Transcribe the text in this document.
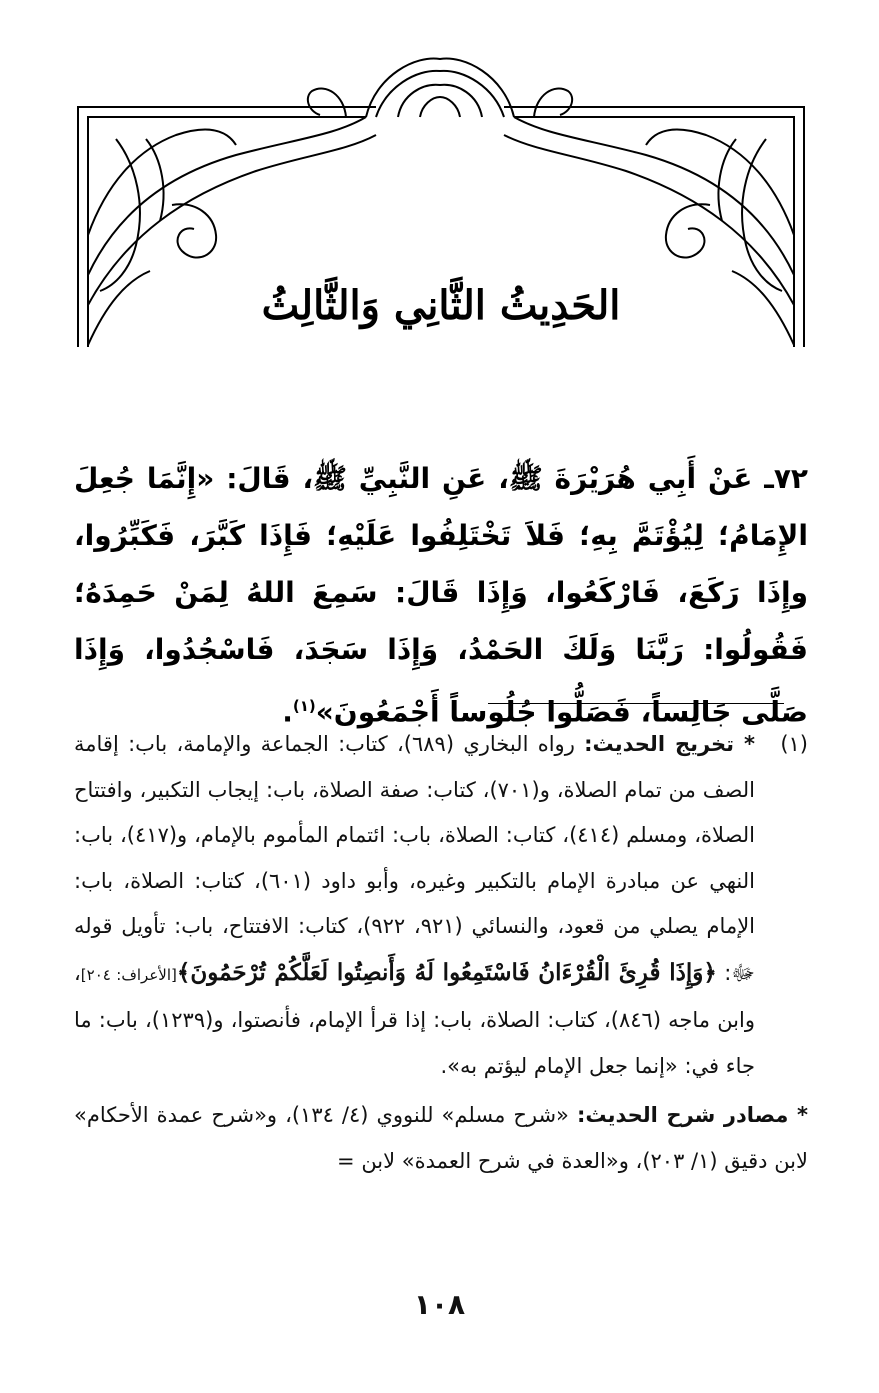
الحَدِيثُ الثَّانِي وَالثَّالِثُ
٧٢ـ عَنْ أَبِي هُرَيْرَةَ ﷺ، عَنِ النَّبِيِّ ﷺ، قَالَ: «إِنَّمَا جُعِلَ الإِمَامُ؛ لِيُؤْتَمَّ بِهِ؛ فَلاَ تَخْتَلِفُوا عَلَيْهِ؛ فَإِذَا كَبَّرَ، فَكَبِّرُوا، وإِذَا رَكَعَ، فَارْكَعُوا، وَإِذَا قَالَ: سَمِعَ اللهُ لِمَنْ حَمِدَهُ؛ فَقُولُوا: رَبَّنَا وَلَكَ الحَمْدُ، وَإِذَا سَجَدَ، فَاسْجُدُوا، وَإِذَا صَلَّى جَالِساً، فَصَلُّوا جُلُوساً أَجْمَعُونَ»$^{(١)}$.
(١)
* تخريج الحديث: رواه البخاري (٦٨٩)، كتاب: الجماعة والإمامة، باب: إقامة الصف من تمام الصلاة، و(٧٠١)، كتاب: صفة الصلاة، باب: إيجاب التكبير، وافتتاح الصلاة، ومسلم (٤١٤)، كتاب: الصلاة، باب: ائتمام المأموم بالإمام، و(٤١٧)، باب: النهي عن مبادرة الإمام بالتكبير وغيره، وأبو داود (٦٠١)، كتاب: الصلاة، باب: الإمام يصلي من قعود، والنسائي (٩٢١، ٩٢٢)، كتاب: الافتتاح، باب: تأويل قوله ﷻ: ﴿وَإِذَا قُرِئَ الْقُرْءَانُ فَاسْتَمِعُوا لَهُ وَأَنصِتُوا لَعَلَّكُمْ تُرْحَمُونَ﴾[الأعراف: ٢٠٤]، وابن ماجه (٨٤٦)، كتاب: الصلاة، باب: إذا قرأ الإمام، فأنصتوا، و(١٢٣٩)، باب: ما جاء في: «إنما جعل الإمام ليؤتم به».
* مصادر شرح الحديث: «شرح مسلم» للنووي (٤/ ١٣٤)، و«شرح عمدة الأحكام» لابن دقيق (١/ ٢٠٣)، و«العدة في شرح العمدة» لابن =
١٠٨
